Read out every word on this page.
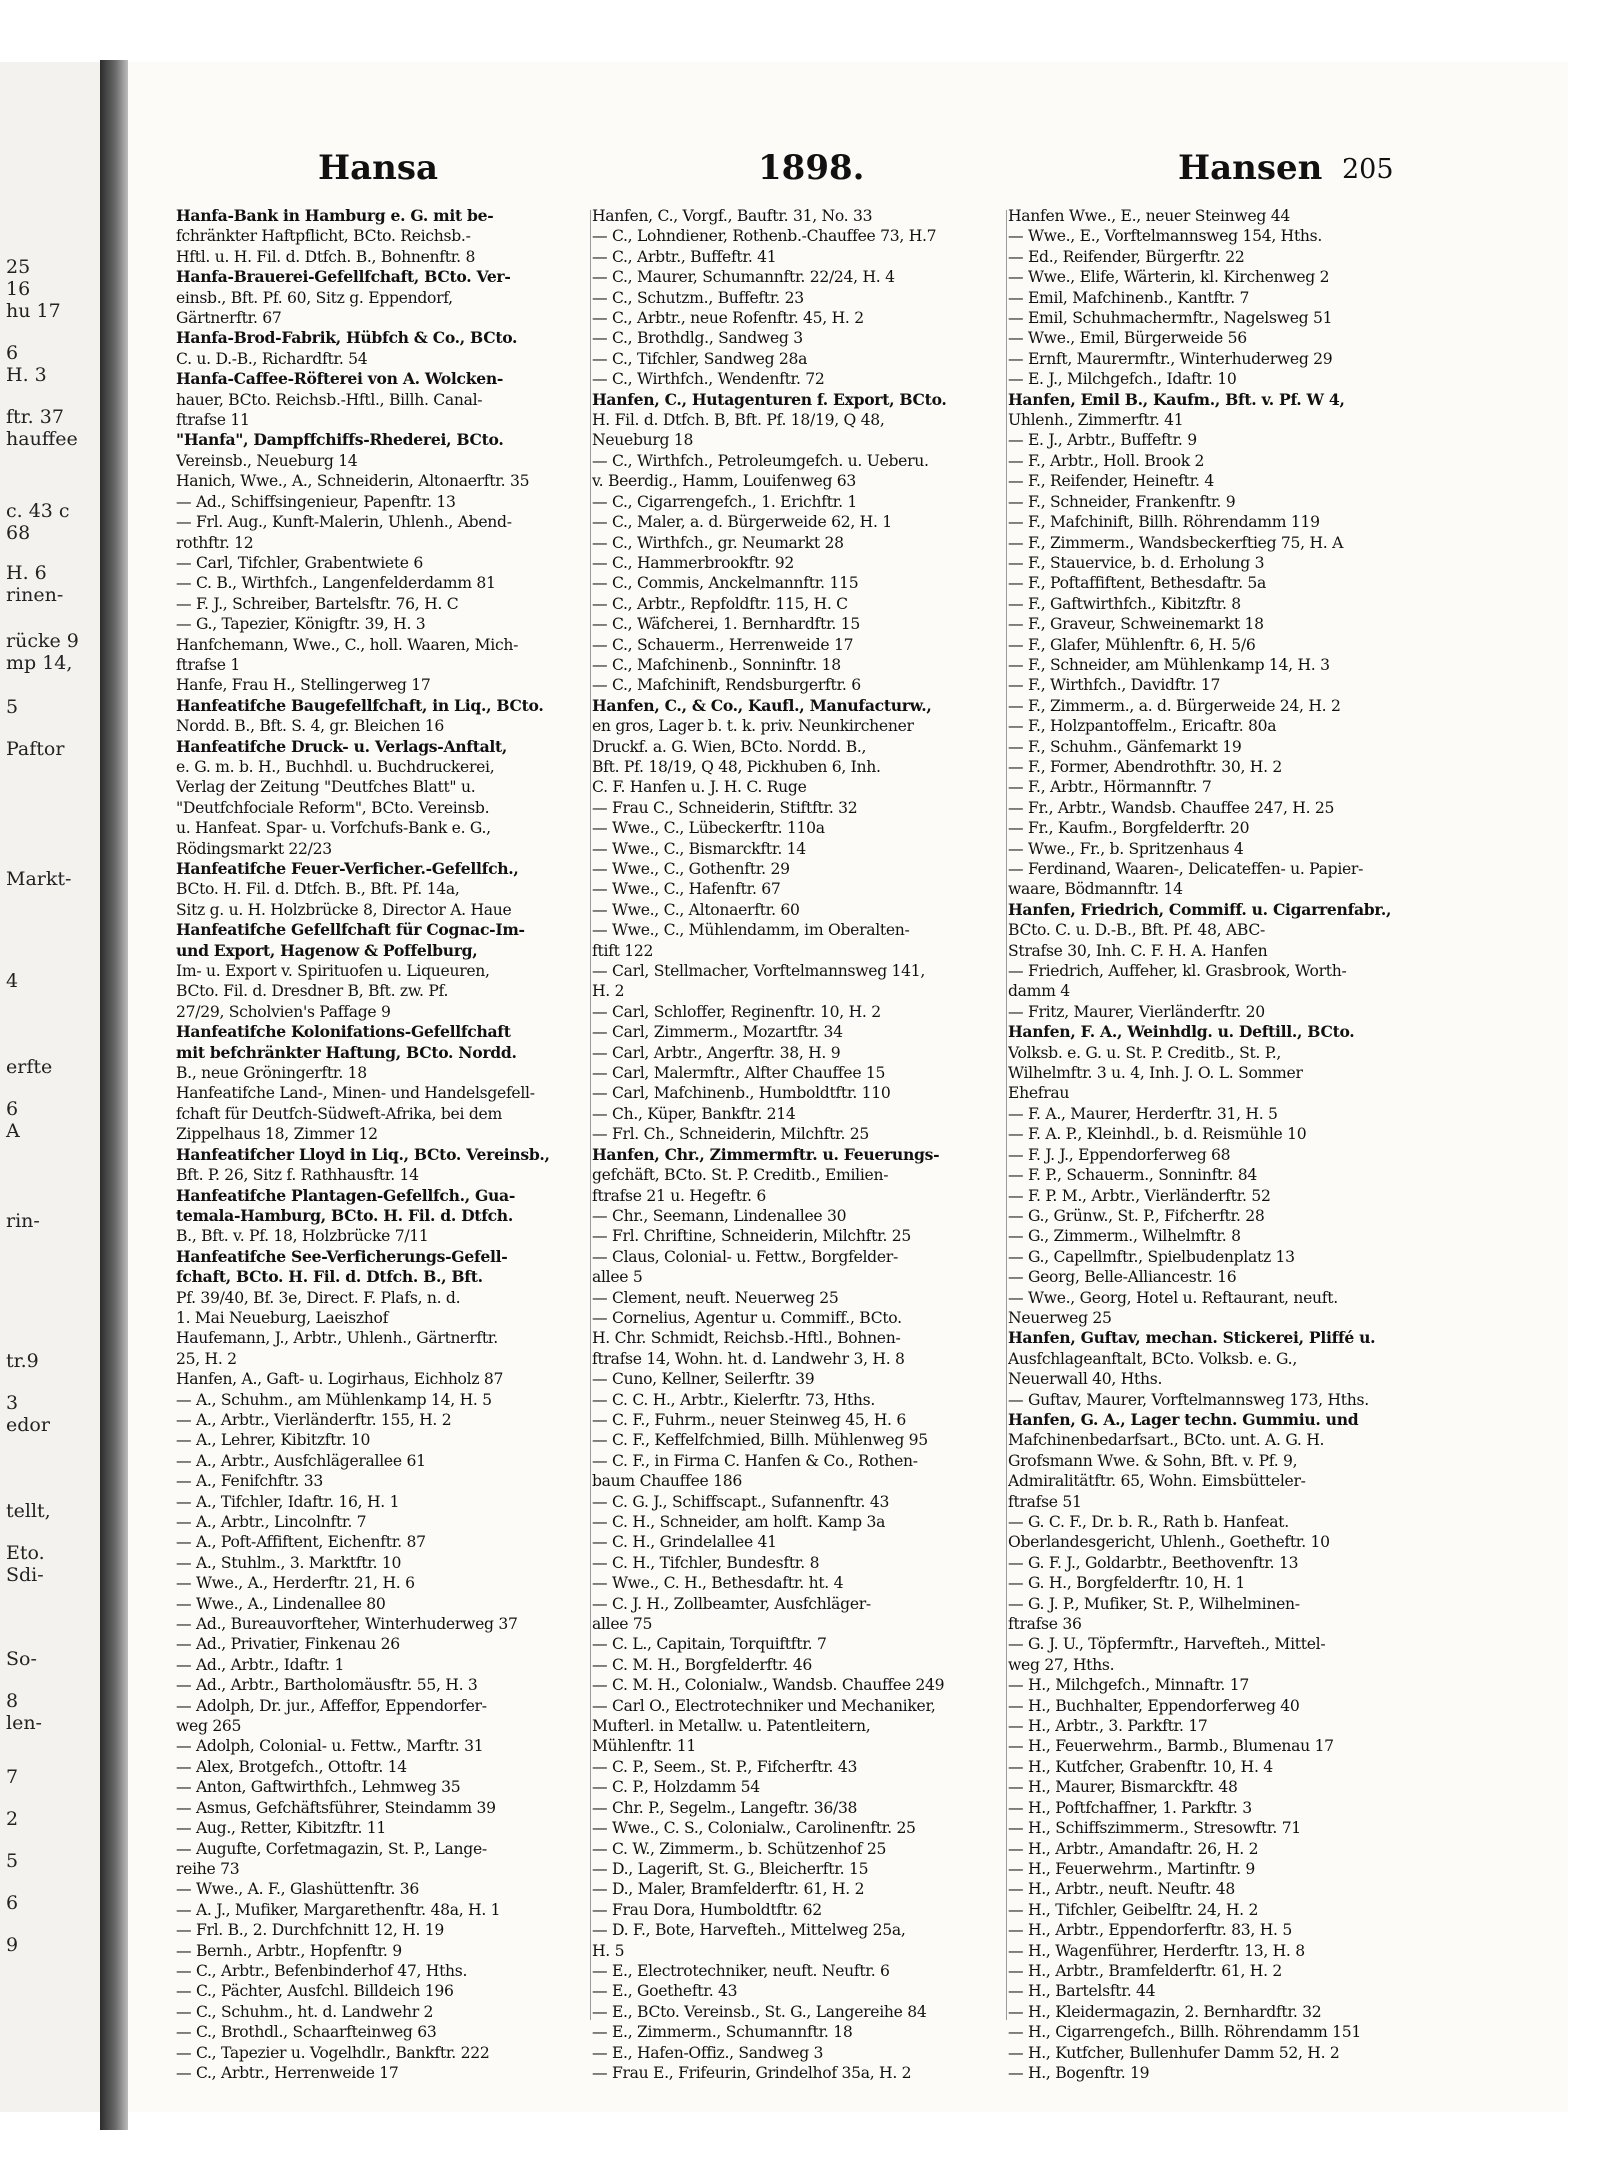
25
16
hu 17
6
H. 3
ftr. 37
hauffee
c. 43 c
68
H. 6
rinen-
rücke 9
mp 14,
5
Paftor
Markt-
4
erfte
6
A
rin-
tr.9
3
edor
tellt,
Eto.
Sdi-
So-
8
len-
7
2
5
6
9
Hansa	1898.	Hansen 205
Hanfa-Bank in Hamburg e. G. mit be-
fchränkter Haftpflicht, BCto. Reichsb.-
Hftl. u. H. Fil. d. Dtfch. B., Bohnenftr. 8
Hanfa-Brauerei-Gefellfchaft, BCto. Ver-
einsb., Bft. Pf. 60, Sitz g. Eppendorf,
Gärtnerftr. 67
Hanfa-Brod-Fabrik, Hübfch & Co., BCto.
C. u. D.-B., Richardftr. 54
Hanfa-Caffee-Röfterei von A. Wolcken-
hauer, BCto. Reichsb.-Hftl., Billh. Canal-
ftrafse 11
"Hanfa", Dampffchiffs-Rhederei, BCto.
Vereinsb., Neueburg 14
Hanich, Wwe., A., Schneiderin, Altonaerftr. 35
— Ad., Schiffsingenieur, Papenftr. 13
— Frl. Aug., Kunft-Malerin, Uhlenh., Abend-
rothftr. 12
— Carl, Tifchler, Grabentwiete 6
— C. B., Wirthfch., Langenfelderdamm 81
— F. J., Schreiber, Bartelsftr. 76, H. C
— G., Tapezier, Königftr. 39, H. 3
Hanfchemann, Wwe., C., holl. Waaren, Mich-
ftrafse 1
Hanfe, Frau H., Stellingerweg 17
Hanfeatifche Baugefellfchaft, in Liq., BCto.
Nordd. B., Bft. S. 4, gr. Bleichen 16
Hanfeatifche Druck- u. Verlags-Anftalt,
e. G. m. b. H., Buchhdl. u. Buchdruckerei,
Verlag der Zeitung "Deutfches Blatt" u.
"Deutfchfociale Reform", BCto. Vereinsb.
u. Hanfeat. Spar- u. Vorfchufs-Bank e. G.,
Rödingsmarkt 22/23
Hanfeatifche Feuer-Verficher.-Gefellfch.,
BCto. H. Fil. d. Dtfch. B., Bft. Pf. 14a,
Sitz g. u. H. Holzbrücke 8, Director A. Haue
Hanfeatifche Gefellfchaft für Cognac-Im-
und Export, Hagenow & Poffelburg,
Im- u. Export v. Spirituofen u. Liqueuren,
BCto. Fil. d. Dresdner B, Bft. zw. Pf.
27/29, Scholvien's Paffage 9
Hanfeatifche Kolonifations-Gefellfchaft
mit befchränkter Haftung, BCto. Nordd.
B., neue Gröningerftr. 18
Hanfeatifche Land-, Minen- und Handelsgefell-
fchaft für Deutfch-Südweft-Afrika, bei dem
Zippelhaus 18, Zimmer 12
Hanfeatifcher Lloyd in Liq., BCto. Vereinsb.,
Bft. P. 26, Sitz f. Rathhausftr. 14
Hanfeatifche Plantagen-Gefellfch., Gua-
temala-Hamburg, BCto. H. Fil. d. Dtfch.
B., Bft. v. Pf. 18, Holzbrücke 7/11
Hanfeatifche See-Verficherungs-Gefell-
fchaft, BCto. H. Fil. d. Dtfch. B., Bft.
Pf. 39/40, Bf. 3e, Direct. F. Plafs, n. d.
1. Mai Neueburg, Laeiszhof
Haufemann, J., Arbtr., Uhlenh., Gärtnerftr.
25, H. 2
Hanfen, A., Gaft- u. Logirhaus, Eichholz 87
— A., Schuhm., am Mühlenkamp 14, H. 5
— A., Arbtr., Vierländerftr. 155, H. 2
— A., Lehrer, Kibitzftr. 10
— A., Arbtr., Ausfchlägerallee 61
— A., Fenifchftr. 33
— A., Tifchler, Idaftr. 16, H. 1
— A., Arbtr., Lincolnftr. 7
— A., Poft-Affiftent, Eichenftr. 87
— A., Stuhlm., 3. Marktftr. 10
— Wwe., A., Herderftr. 21, H. 6
— Wwe., A., Lindenallee 80
— Ad., Bureauvorfteher, Winterhuderweg 37
— Ad., Privatier, Finkenau 26
— Ad., Arbtr., Idaftr. 1
— Ad., Arbtr., Bartholomäusftr. 55, H. 3
— Adolph, Dr. jur., Affeffor, Eppendorfer-
weg 265
— Adolph, Colonial- u. Fettw., Marftr. 31
— Alex, Brotgefch., Ottoftr. 14
— Anton, Gaftwirthfch., Lehmweg 35
— Asmus, Gefchäftsführer, Steindamm 39
— Aug., Retter, Kibitzftr. 11
— Augufte, Corfetmagazin, St. P., Lange-
reihe 73
— Wwe., A. F., Glashüttenftr. 36
— A. J., Mufiker, Margarethenftr. 48a, H. 1
— Frl. B., 2. Durchfchnitt 12, H. 19
— Bernh., Arbtr., Hopfenftr. 9
— C., Arbtr., Befenbinderhof 47, Hths.
— C., Pächter, Ausfchl. Billdeich 196
— C., Schuhm., ht. d. Landwehr 2
— C., Brothdl., Schaarfteinweg 63
— C., Tapezier u. Vogelhdlr., Bankftr. 222
— C., Arbtr., Herrenweide 17
Hanfen, C., Vorgf., Bauftr. 31, No. 33
— C., Lohndiener, Rothenb.-Chauffee 73, H.7
— C., Arbtr., Buffeftr. 41
— C., Maurer, Schumannftr. 22/24, H. 4
— C., Schutzm., Buffeftr. 23
— C., Arbtr., neue Rofenftr. 45, H. 2
— C., Brothdlg., Sandweg 3
— C., Tifchler, Sandweg 28a
— C., Wirthfch., Wendenftr. 72
Hanfen, C., Hutagenturen f. Export, BCto.
H. Fil. d. Dtfch. B, Bft. Pf. 18/19, Q 48,
Neueburg 18
— C., Wirthfch., Petroleumgefch. u. Ueberu.
v. Beerdig., Hamm, Louifenweg 63
— C., Cigarrengefch., 1. Erichftr. 1
— C., Maler, a. d. Bürgerweide 62, H. 1
— C., Wirthfch., gr. Neumarkt 28
— C., Hammerbrookftr. 92
— C., Commis, Anckelmannftr. 115
— C., Arbtr., Repfoldftr. 115, H. C
— C., Wäfcherei, 1. Bernhardftr. 15
— C., Schauerm., Herrenweide 17
— C., Mafchinenb., Sonninftr. 18
— C., Mafchinift, Rendsburgerftr. 6
Hanfen, C., & Co., Kaufl., Manufacturw.,
en gros, Lager b. t. k. priv. Neunkirchener
Druckf. a. G. Wien, BCto. Nordd. B.,
Bft. Pf. 18/19, Q 48, Pickhuben 6, Inh.
C. F. Hanfen u. J. H. C. Ruge
— Frau C., Schneiderin, Stiftftr. 32
— Wwe., C., Lübeckerftr. 110a
— Wwe., C., Bismarckftr. 14
— Wwe., C., Gothenftr. 29
— Wwe., C., Hafenftr. 67
— Wwe., C., Altonaerftr. 60
— Wwe., C., Mühlendamm, im Oberalten-
ftift 122
— Carl, Stellmacher, Vorftelmannsweg 141,
H. 2
— Carl, Schloffer, Reginenftr. 10, H. 2
— Carl, Zimmerm., Mozartftr. 34
— Carl, Arbtr., Angerftr. 38, H. 9
— Carl, Malermftr., Alfter Chauffee 15
— Carl, Mafchinenb., Humboldtftr. 110
— Ch., Küper, Bankftr. 214
— Frl. Ch., Schneiderin, Milchftr. 25
Hanfen, Chr., Zimmermftr. u. Feuerungs-
gefchäft, BCto. St. P. Creditb., Emilien-
ftrafse 21 u. Hegeftr. 6
— Chr., Seemann, Lindenallee 30
— Frl. Chriftine, Schneiderin, Milchftr. 25
— Claus, Colonial- u. Fettw., Borgfelder-
allee 5
— Clement, neuft. Neuerweg 25
— Cornelius, Agentur u. Commiff., BCto.
H. Chr. Schmidt, Reichsb.-Hftl., Bohnen-
ftrafse 14, Wohn. ht. d. Landwehr 3, H. 8
— Cuno, Kellner, Seilerftr. 39
— C. C. H., Arbtr., Kielerftr. 73, Hths.
— C. F., Fuhrm., neuer Steinweg 45, H. 6
— C. F., Keffelfchmied, Billh. Mühlenweg 95
— C. F., in Firma C. Hanfen & Co., Rothen-
baum Chauffee 186
— C. G. J., Schiffscapt., Sufannenftr. 43
— C. H., Schneider, am holft. Kamp 3a
— C. H., Grindelallee 41
— C. H., Tifchler, Bundesftr. 8
— Wwe., C. H., Bethesdaftr. ht. 4
— C. J. H., Zollbeamter, Ausfchläger-
allee 75
— C. L., Capitain, Torquiftftr. 7
— C. M. H., Borgfelderftr. 46
— C. M. H., Colonialw., Wandsb. Chauffee 249
— Carl O., Electrotechniker und Mechaniker,
Mufterl. in Metallw. u. Patentleitern,
Mühlenftr. 11
— C. P., Seem., St. P., Fifcherftr. 43
— C. P., Holzdamm 54
— Chr. P., Segelm., Langeftr. 36/38
— Wwe., C. S., Colonialw., Carolinenftr. 25
— C. W., Zimmerm., b. Schützenhof 25
— D., Lagerift, St. G., Bleicherftr. 15
— D., Maler, Bramfelderftr. 61, H. 2
— Frau Dora, Humboldtftr. 62
— D. F., Bote, Harvefteh., Mittelweg 25a,
H. 5
— E., Electrotechniker, neuft. Neuftr. 6
— E., Goetheftr. 43
— E., BCto. Vereinsb., St. G., Langereihe 84
— E., Zimmerm., Schumannftr. 18
— E., Hafen-Offiz., Sandweg 3
— Frau E., Frifeurin, Grindelhof 35a, H. 2
Hanfen Wwe., E., neuer Steinweg 44
— Wwe., E., Vorftelmannsweg 154, Hths.
— Ed., Reifender, Bürgerftr. 22
— Wwe., Elife, Wärterin, kl. Kirchenweg 2
— Emil, Mafchinenb., Kantftr. 7
— Emil, Schuhmachermftr., Nagelsweg 51
— Wwe., Emil, Bürgerweide 56
— Ernft, Maurermftr., Winterhuderweg 29
— E. J., Milchgefch., Idaftr. 10
Hanfen, Emil B., Kaufm., Bft. v. Pf. W 4,
Uhlenh., Zimmerftr. 41
— E. J., Arbtr., Buffeftr. 9
— F., Arbtr., Holl. Brook 2
— F., Reifender, Heineftr. 4
— F., Schneider, Frankenftr. 9
— F., Mafchinift, Billh. Röhrendamm 119
— F., Zimmerm., Wandsbeckerftieg 75, H. A
— F., Stauervice, b. d. Erholung 3
— F., Poftaffiftent, Bethesdaftr. 5a
— F., Gaftwirthfch., Kibitzftr. 8
— F., Graveur, Schweinemarkt 18
— F., Glafer, Mühlenftr. 6, H. 5/6
— F., Schneider, am Mühlenkamp 14, H. 3
— F., Wirthfch., Davidftr. 17
— F., Zimmerm., a. d. Bürgerweide 24, H. 2
— F., Holzpantoffelm., Ericaftr. 80a
— F., Schuhm., Gänfemarkt 19
— F., Former, Abendrothftr. 30, H. 2
— F., Arbtr., Hörmannftr. 7
— Fr., Arbtr., Wandsb. Chauffee 247, H. 25
— Fr., Kaufm., Borgfelderftr. 20
— Wwe., Fr., b. Spritzenhaus 4
— Ferdinand, Waaren-, Delicateffen- u. Papier-
waare, Bödmannftr. 14
Hanfen, Friedrich, Commiff. u. Cigarrenfabr.,
BCto. C. u. D.-B., Bft. Pf. 48, ABC-
Strafse 30, Inh. C. F. H. A. Hanfen
— Friedrich, Auffeher, kl. Grasbrook, Worth-
damm 4
— Fritz, Maurer, Vierländerftr. 20
Hanfen, F. A., Weinhdlg. u. Deftill., BCto.
Volksb. e. G. u. St. P. Creditb., St. P.,
Wilhelmftr. 3 u. 4, Inh. J. O. L. Sommer
Ehefrau
— F. A., Maurer, Herderftr. 31, H. 5
— F. A. P., Kleinhdl., b. d. Reismühle 10
— F. J. J., Eppendorferweg 68
— F. P., Schauerm., Sonninftr. 84
— F. P. M., Arbtr., Vierländerftr. 52
— G., Grünw., St. P., Fifcherftr. 28
— G., Zimmerm., Wilhelmftr. 8
— G., Capellmftr., Spielbudenplatz 13
— Georg, Belle-Alliancestr. 16
— Wwe., Georg, Hotel u. Reftaurant, neuft.
Neuerweg 25
Hanfen, Guftav, mechan. Stickerei, Pliffé u.
Ausfchlageanftalt, BCto. Volksb. e. G.,
Neuerwall 40, Hths.
— Guftav, Maurer, Vorftelmannsweg 173, Hths.
Hanfen, G. A., Lager techn. Gummiu. und
Mafchinenbedarfsart., BCto. unt. A. G. H.
Grofsmann Wwe. & Sohn, Bft. v. Pf. 9,
Admiralitätftr. 65, Wohn. Eimsbütteler-
ftrafse 51
— G. C. F., Dr. b. R., Rath b. Hanfeat.
Oberlandesgericht, Uhlenh., Goetheftr. 10
— G. F. J., Goldarbtr., Beethovenftr. 13
— G. H., Borgfelderftr. 10, H. 1
— G. J. P., Mufiker, St. P., Wilhelminen-
ftrafse 36
— G. J. U., Töpfermftr., Harvefteh., Mittel-
weg 27, Hths.
— H., Milchgefch., Minnaftr. 17
— H., Buchhalter, Eppendorferweg 40
— H., Arbtr., 3. Parkftr. 17
— H., Feuerwehrm., Barmb., Blumenau 17
— H., Kutfcher, Grabenftr. 10, H. 4
— H., Maurer, Bismarckftr. 48
— H., Poftfchaffner, 1. Parkftr. 3
— H., Schiffszimmerm., Stresowftr. 71
— H., Arbtr., Amandaftr. 26, H. 2
— H., Feuerwehrm., Martinftr. 9
— H., Arbtr., neuft. Neuftr. 48
— H., Tifchler, Geibelftr. 24, H. 2
— H., Arbtr., Eppendorferftr. 83, H. 5
— H., Wagenführer, Herderftr. 13, H. 8
— H., Arbtr., Bramfelderftr. 61, H. 2
— H., Bartelsftr. 44
— H., Kleidermagazin, 2. Bernhardftr. 32
— H., Cigarrengefch., Billh. Röhrendamm 151
— H., Kutfcher, Bullenhufer Damm 52, H. 2
— H., Bogenftr. 19
